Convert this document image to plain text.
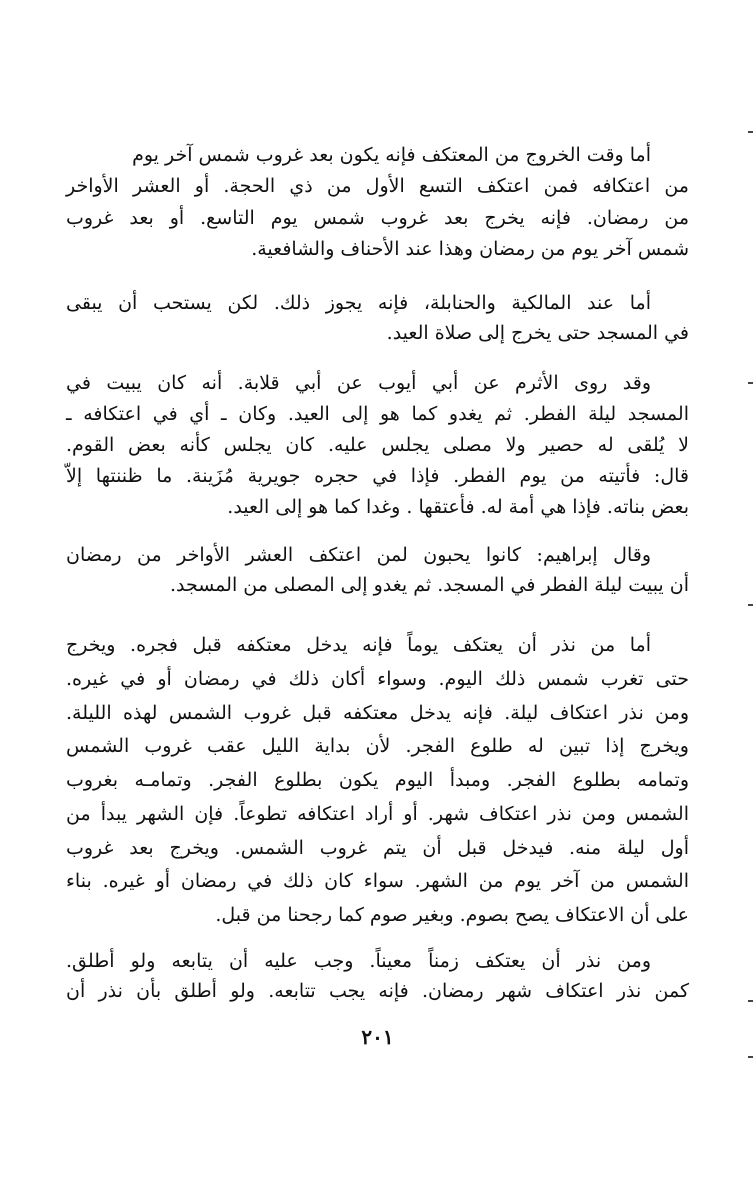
أما وقت الخروج من المعتكف فإنه يكون بعد غروب شمس آخر يوم
من اعتكافه فمن اعتكف التسع الأول من ذي الحجة. أو العشر الأواخر
من رمضان. فإنه يخرج بعد غروب شمس يوم التاسع. أو بعد غروب
شمس آخر يوم من رمضان وهذا عند الأحناف والشافعية.
أما عند المالكية والحنابلة، فإنه يجوز ذلك. لكن يستحب أن يبقى
في المسجد حتى يخرج إلى صلاة العيد.
وقد روى الأثرم عن أبي أيوب عن أبي قلابة. أنه كان يبيت في
المسجد ليلة الفطر. ثم يغدو كما هو إلى العيد. وكان ـ أي في اعتكافه ـ
لا يُلقى له حصير ولا مصلى يجلس عليه. كان يجلس كأنه بعض القوم.
قال: فأتيته من يوم الفطر. فإذا في حجره جويرية مُزَينة. ما ظننتها إلاّ
بعض بناته. فإذا هي أمة له. فأعتقها . وغدا كما هو إلى العيد.
وقال إبراهيم: كانوا يحبون لمن اعتكف العشر الأواخر من رمضان
أن يبيت ليلة الفطر في المسجد. ثم يغدو إلى المصلى من المسجد.
أما من نذر أن يعتكف يوماً فإنه يدخل معتكفه قبل فجره. ويخرج
حتى تغرب شمس ذلك اليوم. وسواء أكان ذلك في رمضان أو في غيره.
ومن نذر اعتكاف ليلة. فإنه يدخل معتكفه قبل غروب الشمس لهذه الليلة.
ويخرج إذا تبين له طلوع الفجر. لأن بداية الليل عقب غروب الشمس
وتمامه بطلوع الفجر. ومبدأ اليوم يكون بطلوع الفجر. وتمامـه بغروب
الشمس ومن نذر اعتكاف شهر. أو أراد اعتكافه تطوعاً. فإن الشهر يبدأ من
أول ليلة منه. فيدخل قبل أن يتم غروب الشمس. ويخرج بعد غروب
الشمس من آخر يوم من الشهر. سواء كان ذلك في رمضان أو غيره. بناء
على أن الاعتكاف يصح بصوم. وبغير صوم كما رجحنا من قبل.
ومن نذر أن يعتكف زمناً معيناً. وجب عليه أن يتابعه ولو أطلق.
كمن نذر اعتكاف شهر رمضان. فإنه يجب تتابعه. ولو أطلق بأن نذر أن
٢٠١
